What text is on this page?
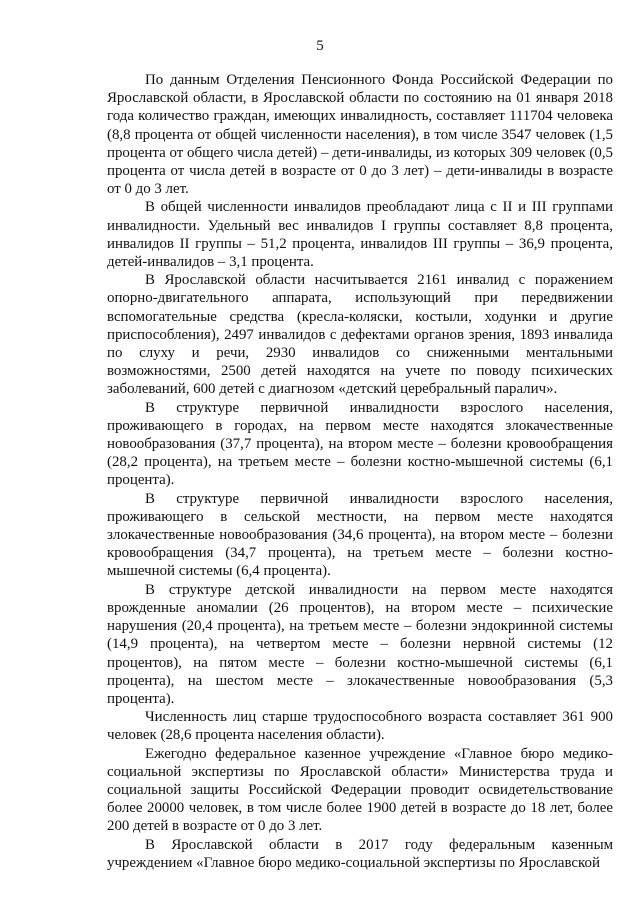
5

По данным Отделения Пенсионного Фонда Российской Федерации по Ярославской области, в Ярославской области по состоянию на 01 января 2018 года количество граждан, имеющих инвалидность, составляет 111704 человека (8,8 процента от общей численности населения), в том числе 3547 человек (1,5 процента от общего числа детей) – дети-инвалиды, из которых 309 человек (0,5 процента от числа детей в возрасте от 0 до 3 лет) – дети-инвалиды в возрасте от 0 до 3 лет.

В общей численности инвалидов преобладают лица с II и III группами инвалидности. Удельный вес инвалидов I группы составляет 8,8 процента, инвалидов II группы – 51,2 процента, инвалидов III группы – 36,9 процента, детей-инвалидов – 3,1 процента.

В Ярославской области насчитывается 2161 инвалид с поражением опорно-двигательного аппарата, использующий при передвижении вспомогательные средства (кресла-коляски, костыли, ходунки и другие приспособления), 2497 инвалидов с дефектами органов зрения, 1893 инвалида по слуху и речи, 2930 инвалидов со сниженными ментальными возможностями, 2500 детей находятся на учете по поводу психических заболеваний, 600 детей с диагнозом «детский церебральный паралич».

В структуре первичной инвалидности взрослого населения, проживающего в городах, на первом месте находятся злокачественные новообразования (37,7 процента), на втором месте – болезни кровообращения (28,2 процента), на третьем месте – болезни костно-мышечной системы (6,1 процента).

В структуре первичной инвалидности взрослого населения, проживающего в сельской местности, на первом месте находятся злокачественные новообразования (34,6 процента), на втором месте – болезни кровообращения (34,7 процента), на третьем месте – болезни костно-мышечной системы (6,4 процента).

В структуре детской инвалидности на первом месте находятся врожденные аномалии (26 процентов), на втором месте – психические нарушения (20,4 процента), на третьем месте – болезни эндокринной системы (14,9 процента), на четвертом месте – болезни нервной системы (12 процентов), на пятом месте – болезни костно-мышечной системы (6,1 процента), на шестом месте – злокачественные новообразования (5,3 процента).

Численность лиц старше трудоспособного возраста составляет 361 900 человек (28,6 процента населения области).

Ежегодно федеральное казенное учреждение «Главное бюро медико-социальной экспертизы по Ярославской области» Министерства труда и социальной защиты Российской Федерации проводит освидетельствование более 20000 человек, в том числе более 1900 детей в возрасте до 18 лет, более 200 детей в возрасте от 0 до 3 лет.

В Ярославской области в 2017 году федеральным казенным учреждением «Главное бюро медико-социальной экспертизы по Ярославской
